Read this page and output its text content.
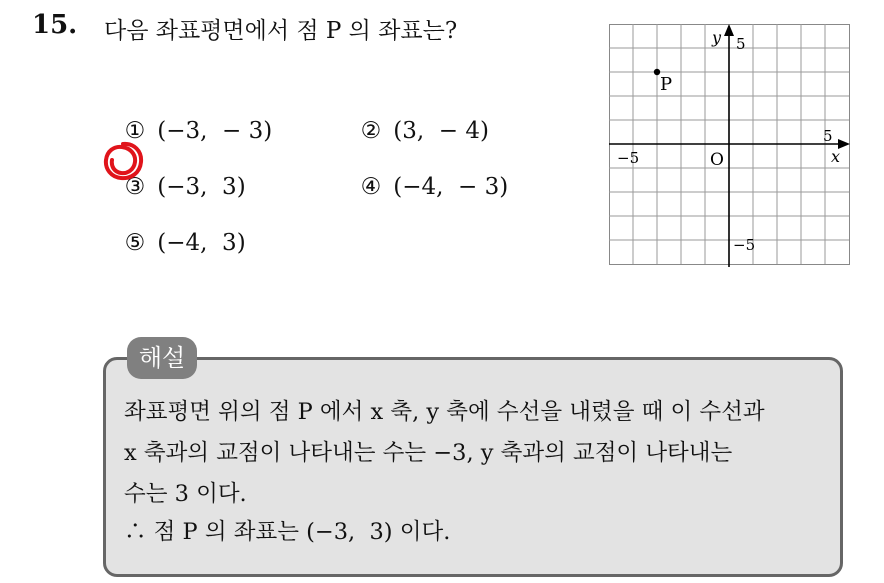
15. 다음 좌표평면에서 점 P 의 좌표는?

① (−3,  − 3)	② (3,  − 4)

③ (−3,  3)	④ (−4,  − 3)

⑤ (−4,  3)

x
y 5
−5
5
−5	O
P
해설
좌표평면 위의 점 P 에서 x 축, y 축에 수선을 내렸을 때 이 수선과
x 축과의 교점이 나타내는 수는 −3, y 축과의 교점이 나타내는
수는 3 이다.
∴ 점 P 의 좌표는 (−3,  3) 이다.
